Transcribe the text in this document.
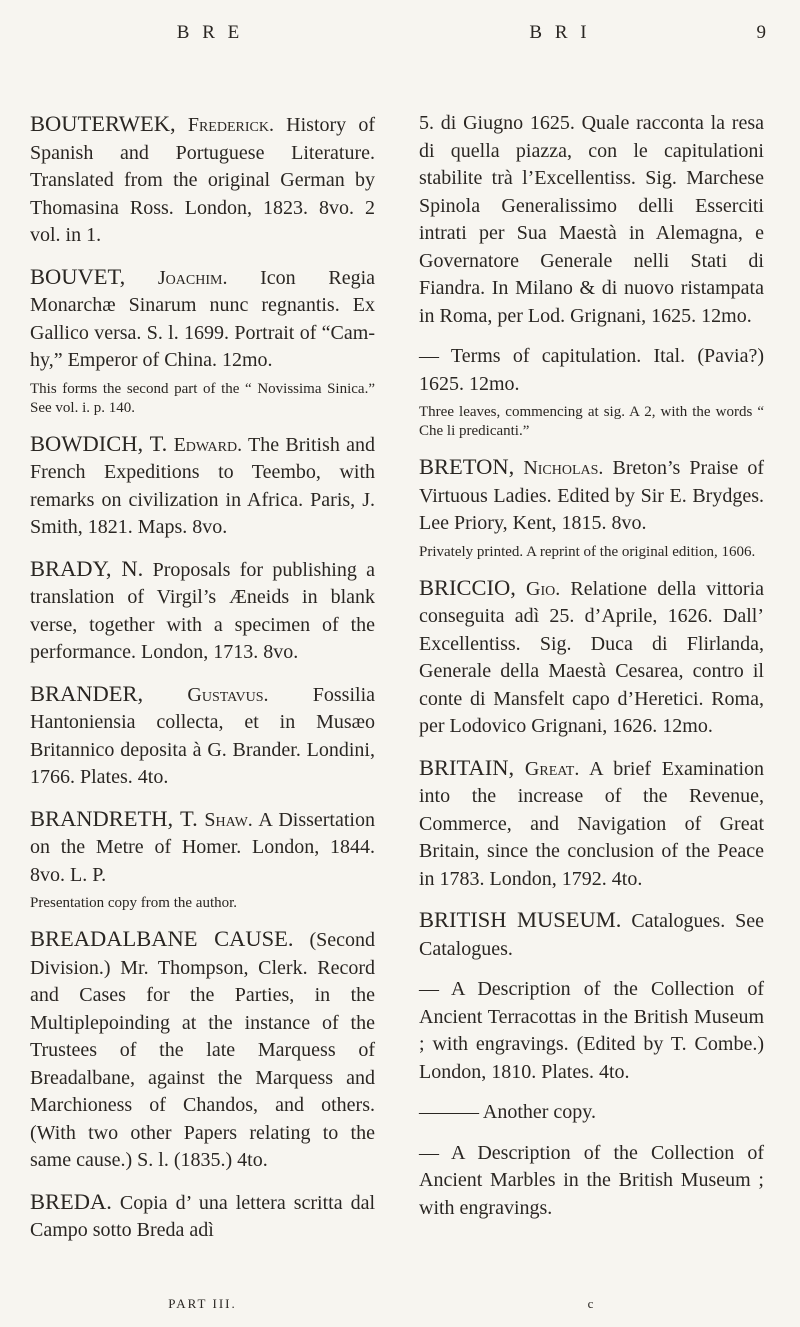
B R E	B R I	9

BOUTERWEK, Frederick. History of Spanish and Portuguese Literature. Translated from the original German by Thomasina Ross. London, 1823. 8vo. 2 vol. in 1.

BOUVET, Joachim. Icon Regia Monarchæ Sinarum nunc regnantis. Ex Gallico versa. S. l. 1699. Portrait of “Cam-hy,” Emperor of China. 12mo.

This forms the second part of the “ Novissima Sinica.” See vol. i. p. 140.

BOWDICH, T. Edward. The British and French Expeditions to Teembo, with remarks on civilization in Africa. Paris, J. Smith, 1821. Maps. 8vo.

BRADY, N. Proposals for publishing a translation of Virgil’s Æneids in blank verse, together with a specimen of the performance. London, 1713. 8vo.

BRANDER, Gustavus. Fossilia Hantoniensia collecta, et in Musæo Britannico deposita à G. Brander. Londini, 1766. Plates. 4to.

BRANDRETH, T. Shaw. A Dissertation on the Metre of Homer. London, 1844. 8vo. L. P.

Presentation copy from the author.

BREADALBANE CAUSE. (Second Division.) Mr. Thompson, Clerk. Record and Cases for the Parties, in the Multiplepoinding at the instance of the Trustees of the late Marquess of Breadalbane, against the Marquess and Marchioness of Chandos, and others. (With two other Papers relating to the same cause.) S. l. (1835.) 4to.

BREDA. Copia d’ una lettera scritta dal Campo sotto Breda adì

5. di Giugno 1625. Quale racconta la resa di quella piazza, con le capitulationi stabilite trà l’Excellentiss. Sig. Marchese Spinola Generalissimo delli Esserciti intrati per Sua Maestà in Alemagna, e Governatore Generale nelli Stati di Fiandra. In Milano & di nuovo ristampata in Roma, per Lod. Grignani, 1625. 12mo.

— Terms of capitulation. Ital. (Pavia?) 1625. 12mo.

Three leaves, commencing at sig. A 2, with the words “ Che li predicanti.”

BRETON, Nicholas. Breton’s Praise of Virtuous Ladies. Edited by Sir E. Brydges. Lee Priory, Kent, 1815. 8vo.

Privately printed. A reprint of the original edition, 1606.

BRICCIO, Gio. Relatione della vittoria conseguita adì 25. d’Aprile, 1626. Dall’ Excellentiss. Sig. Duca di Flirlanda, Generale della Maestà Cesarea, contro il conte di Mansfelt capo d’Heretici. Roma, per Lodovico Grignani, 1626. 12mo.

BRITAIN, Great. A brief Examination into the increase of the Revenue, Commerce, and Navigation of Great Britain, since the conclusion of the Peace in 1783. London, 1792. 4to.

BRITISH MUSEUM. Catalogues. See Catalogues.

— A Description of the Collection of Ancient Terracottas in the British Museum ; with engravings. (Edited by T. Combe.) London, 1810. Plates. 4to.

——— Another copy.

— A Description of the Collection of Ancient Marbles in the British Museum ; with engravings.

PART III.	c
